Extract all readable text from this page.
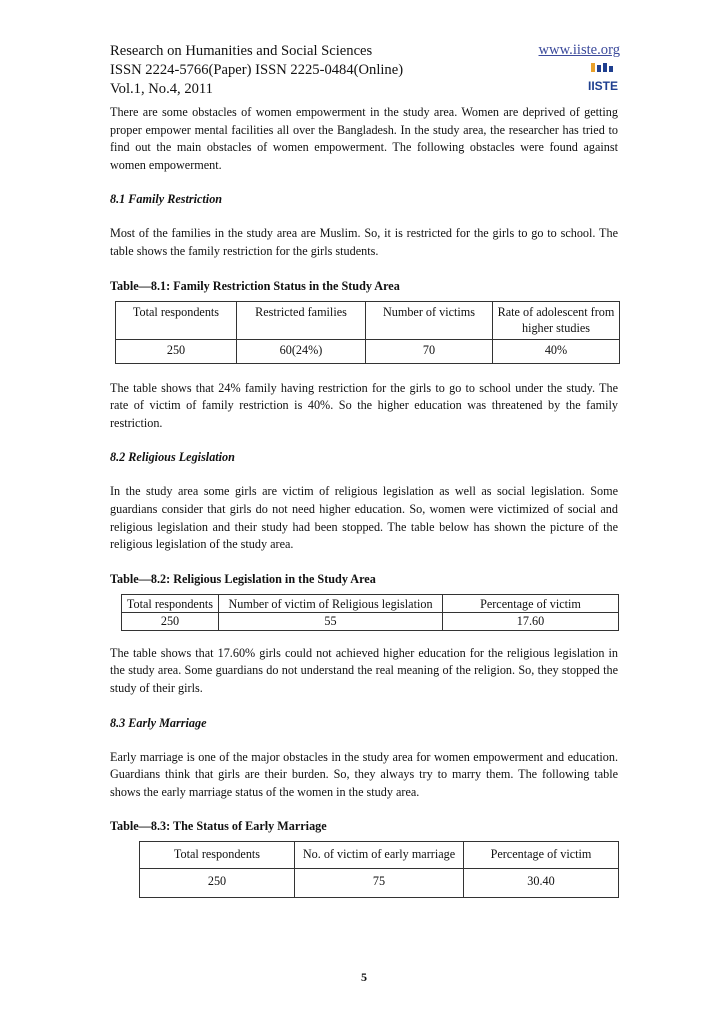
Research on Humanities and Social Sciences	www.iiste.org
ISSN 2224-5766(Paper) ISSN 2225-0484(Online)
Vol.1, No.4, 2011	IISTE

There are some obstacles of women empowerment in the study area. Women are deprived of getting proper empower mental facilities all over the Bangladesh. In the study area, the researcher has tried to find out the main obstacles of women empowerment. The following obstacles were found against women empowerment.

8.1 Family Restriction

Most of the families in the study area are Muslim. So, it is restricted for the girls to go to school. The table shows the family restriction for the girls students.

Table—8.1: Family Restriction Status in the Study Area

Total respondents	Restricted families	Number of victims	Rate of adolescent from higher studies
250	60(24%)	70	40%

The table shows that 24% family having restriction for the girls to go to school under the study. The rate of victim of family restriction is 40%. So the higher education was threatened by the family restriction.

8.2 Religious Legislation

In the study area some girls are victim of religious legislation as well as social legislation. Some guardians consider that girls do not need higher education. So, women were victimized of social and religious legislation and their study had been stopped. The table below has shown the picture of the religious legislation of the study area.

Table—8.2: Religious Legislation in the Study Area

Total respondents	Number of victim of Religious legislation	Percentage of victim
250	55	17.60

The table shows that 17.60% girls could not achieved higher education for the religious legislation in the study area. Some guardians do not understand the real meaning of the religion. So, they stopped the study of their girls.

8.3 Early Marriage

Early marriage is one of the major obstacles in the study area for women empowerment and education. Guardians think that girls are their burden. So, they always try to marry them. The following table shows the early marriage status of the women in the study area.

Table—8.3: The Status of Early Marriage

Total respondents	No. of victim of early marriage	Percentage of victim
250	75	30.40
5
